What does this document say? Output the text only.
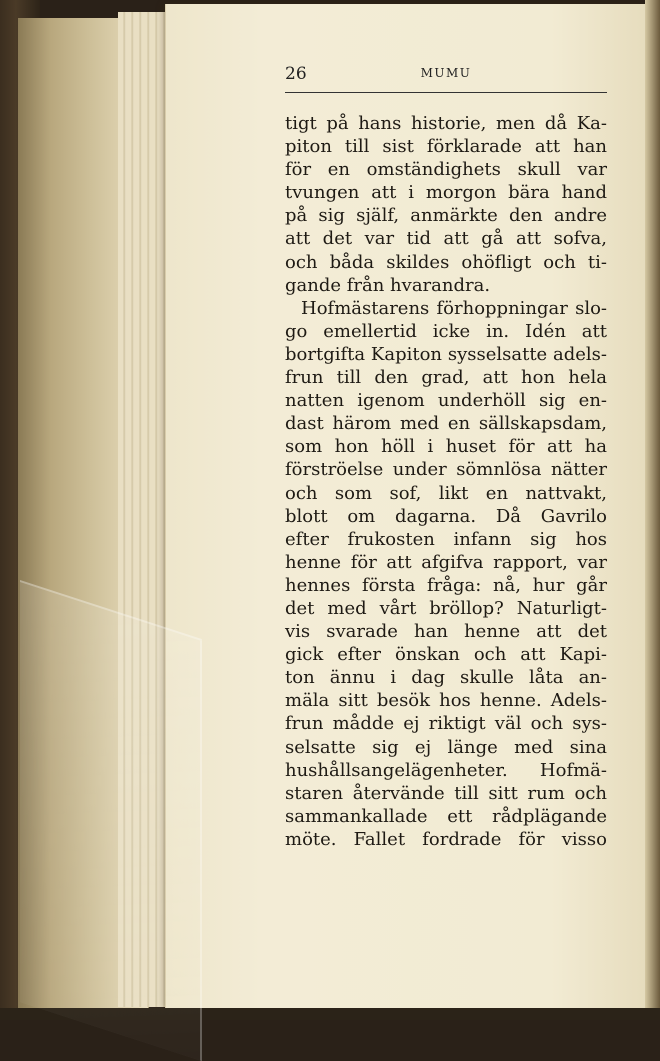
26	MUMU
tigt på hans historie, men då Ka-
piton till sist förklarade att han
för en omständighets skull var
tvungen att i morgon bära hand
på sig själf, anmärkte den andre
att det var tid att gå att sofva,
och båda skildes ohöfligt och ti-
gande från hvarandra.
Hofmästarens förhoppningar slo-
go emellertid icke in. Idén att
bortgifta Kapiton sysselsatte adels-
frun till den grad, att hon hela
natten igenom underhöll sig en-
dast härom med en sällskapsdam,
som hon höll i huset för att ha
förströelse under sömnlösa nätter
och som sof, likt en nattvakt,
blott om dagarna. Då Gavrilo
efter frukosten infann sig hos
henne för att afgifva rapport, var
hennes första fråga: nå, hur går
det med vårt bröllop? Naturligt-
vis svarade han henne att det
gick efter önskan och att Kapi-
ton ännu i dag skulle låta an-
mäla sitt besök hos henne. Adels-
frun mådde ej riktigt väl och sys-
selsatte sig ej länge med sina
hushållsangelägenheter. Hofmä-
staren återvände till sitt rum och
sammankallade ett rådplägande
möte. Fallet fordrade för visso
